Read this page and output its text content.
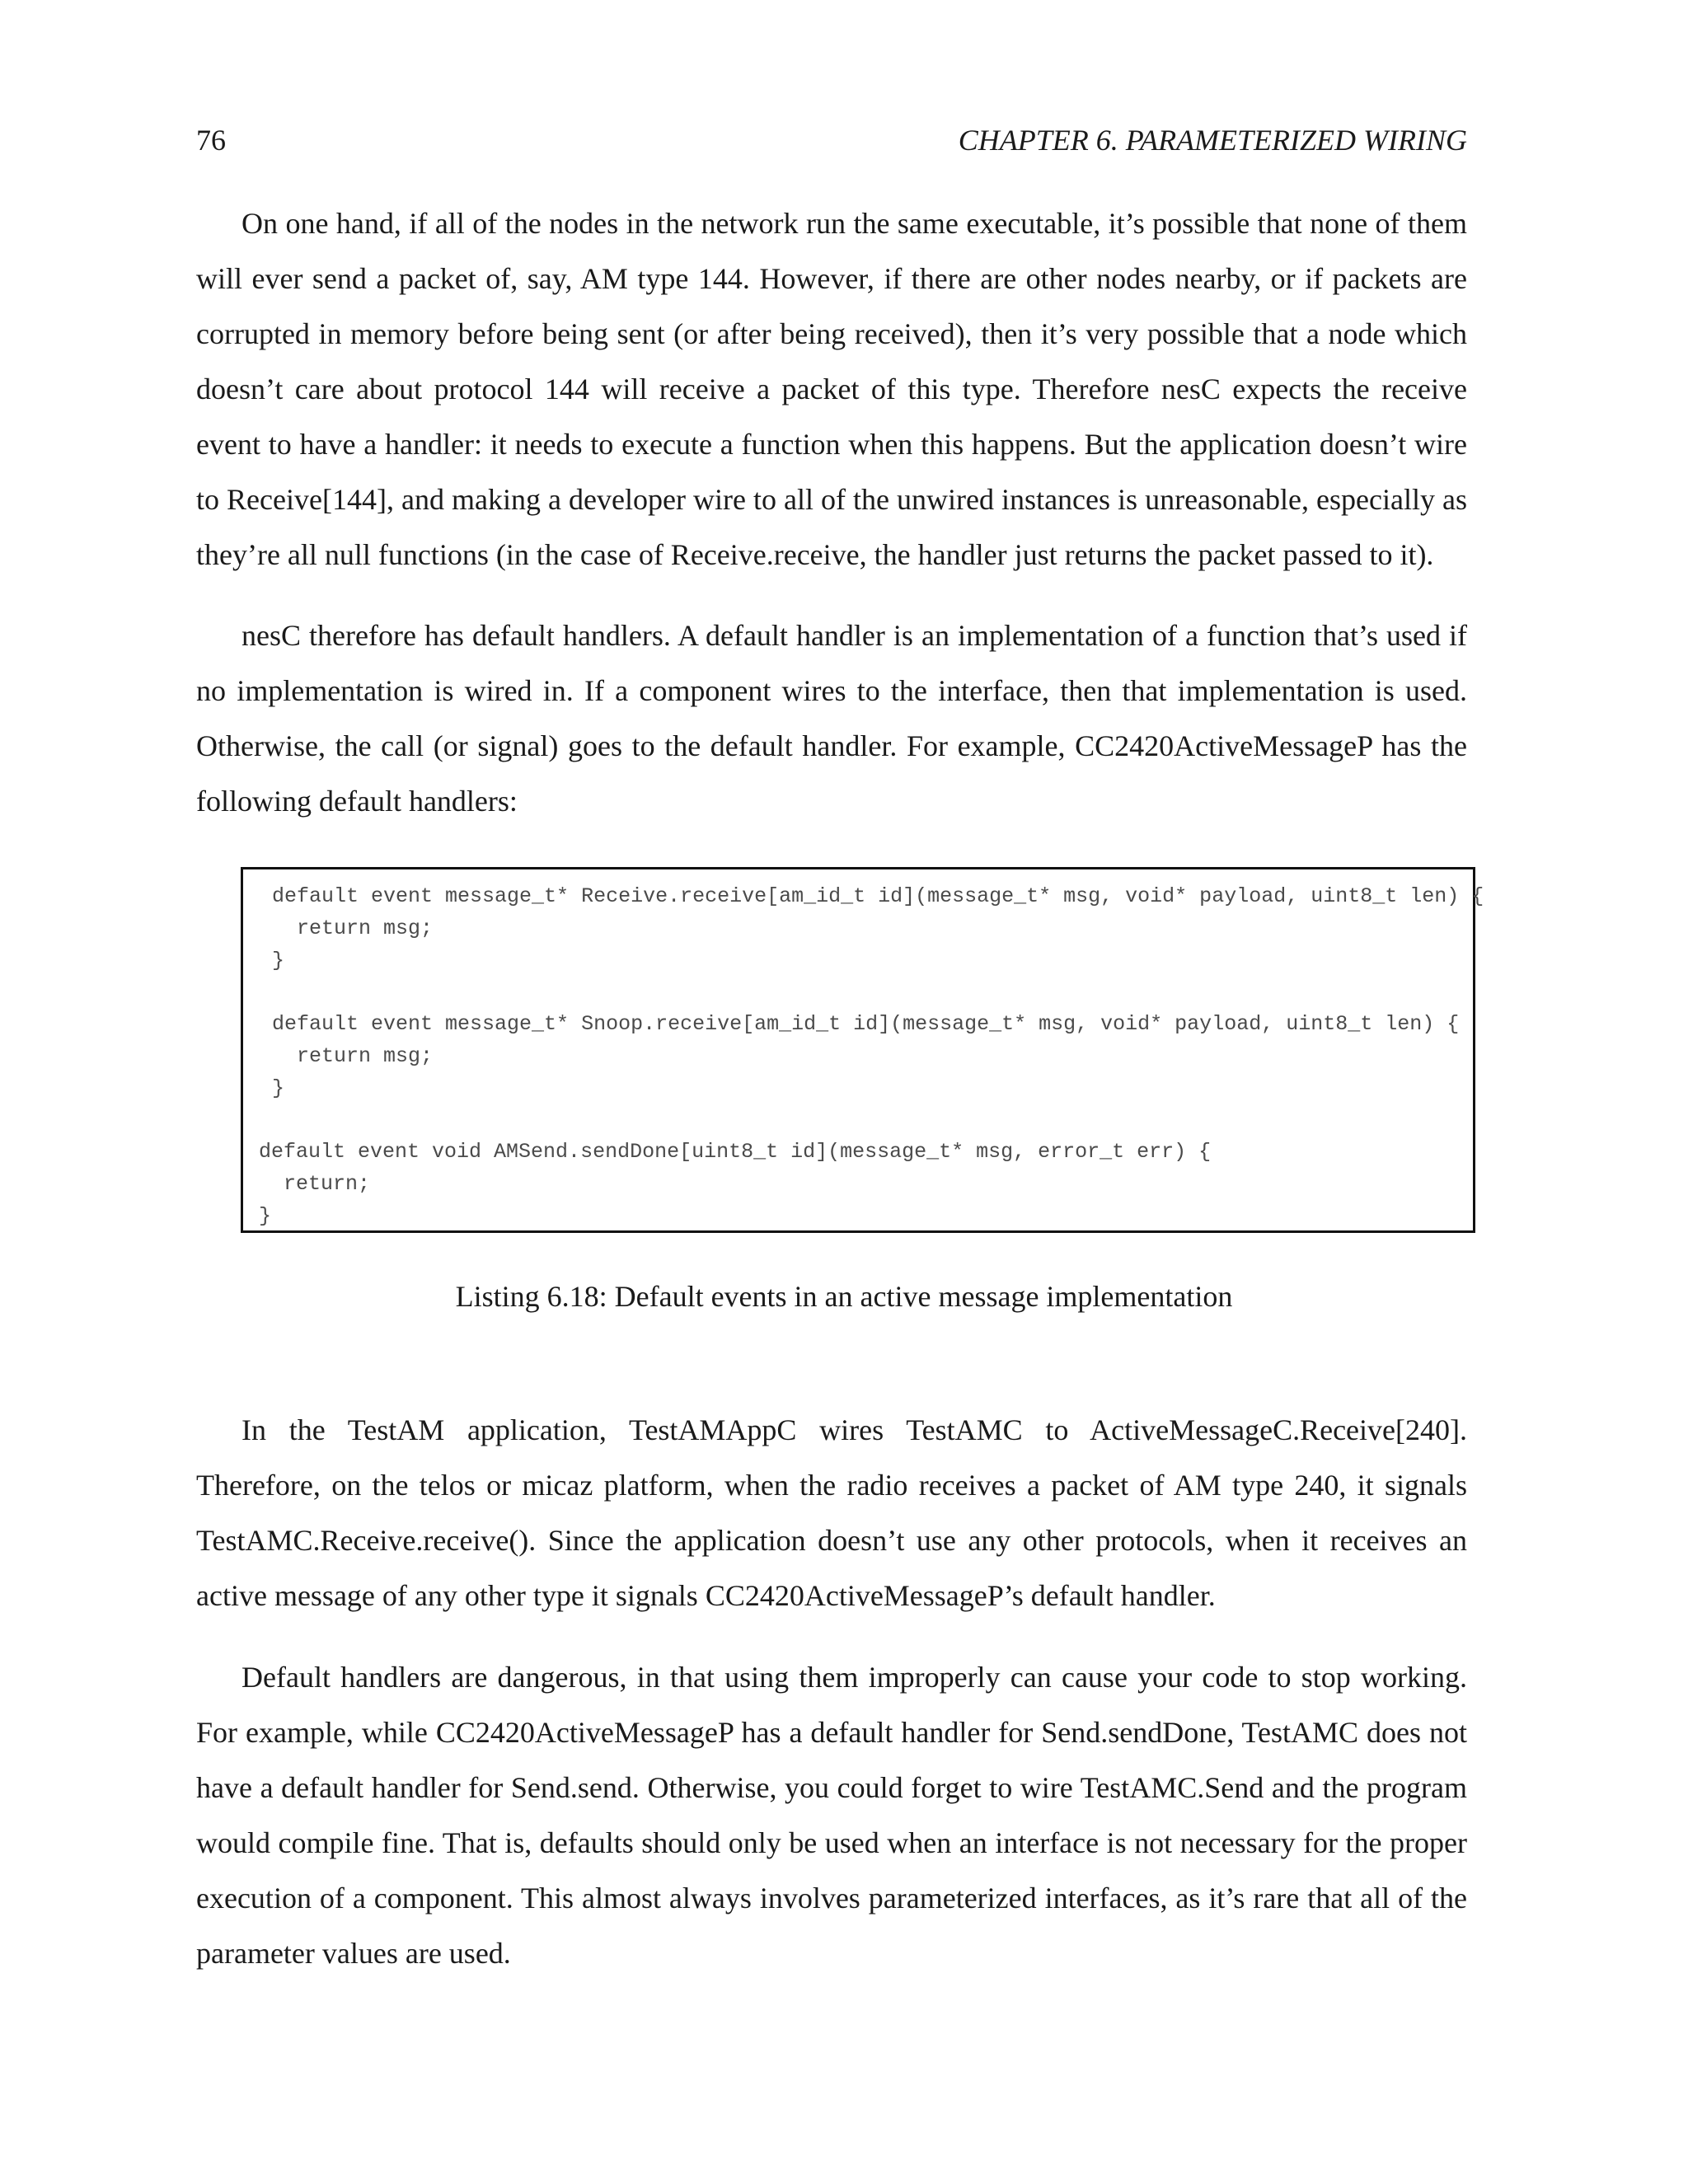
76	CHAPTER 6. PARAMETERIZED WIRING

On one hand, if all of the nodes in the network run the same executable, it’s possible that none of them will ever send a packet of, say, AM type 144. However, if there are other nodes nearby, or if packets are corrupted in memory before being sent (or after being received), then it’s very possible that a node which doesn’t care about protocol 144 will receive a packet of this type. Therefore nesC expects the receive event to have a handler: it needs to execute a function when this happens. But the application doesn’t wire to Receive[144], and making a developer wire to all of the unwired instances is unreasonable, especially as they’re all null functions (in the case of Receive.receive, the handler just returns the packet passed to it).

nesC therefore has default handlers. A default handler is an implementation of a function that’s used if no implementation is wired in. If a component wires to the interface, then that implementation is used. Otherwise, the call (or signal) goes to the default handler. For example, CC2420ActiveMessageP has the following default handlers:

default event message_t* Receive.receive[am_id_t id](message_t* msg, void* payload, uint8_t len) {
return msg;
}
default event message_t* Snoop.receive[am_id_t id](message_t* msg, void* payload, uint8_t len) {
return msg;
}
default event void AMSend.sendDone[uint8_t id](message_t* msg, error_t err) {
return;
}

Listing 6.18: Default events in an active message implementation

In the TestAM application, TestAMAppC wires TestAMC to ActiveMessageC.Receive[240]. Therefore, on the telos or micaz platform, when the radio receives a packet of AM type 240, it signals TestAMC.Receive.receive(). Since the application doesn’t use any other protocols, when it receives an active message of any other type it signals CC2420ActiveMessageP’s default handler.

Default handlers are dangerous, in that using them improperly can cause your code to stop working. For example, while CC2420ActiveMessageP has a default handler for Send.sendDone, TestAMC does not have a default handler for Send.send. Otherwise, you could forget to wire TestAMC.Send and the program would compile fine. That is, defaults should only be used when an interface is not necessary for the proper execution of a component. This almost always involves parameterized interfaces, as it’s rare that all of the parameter values are used.
